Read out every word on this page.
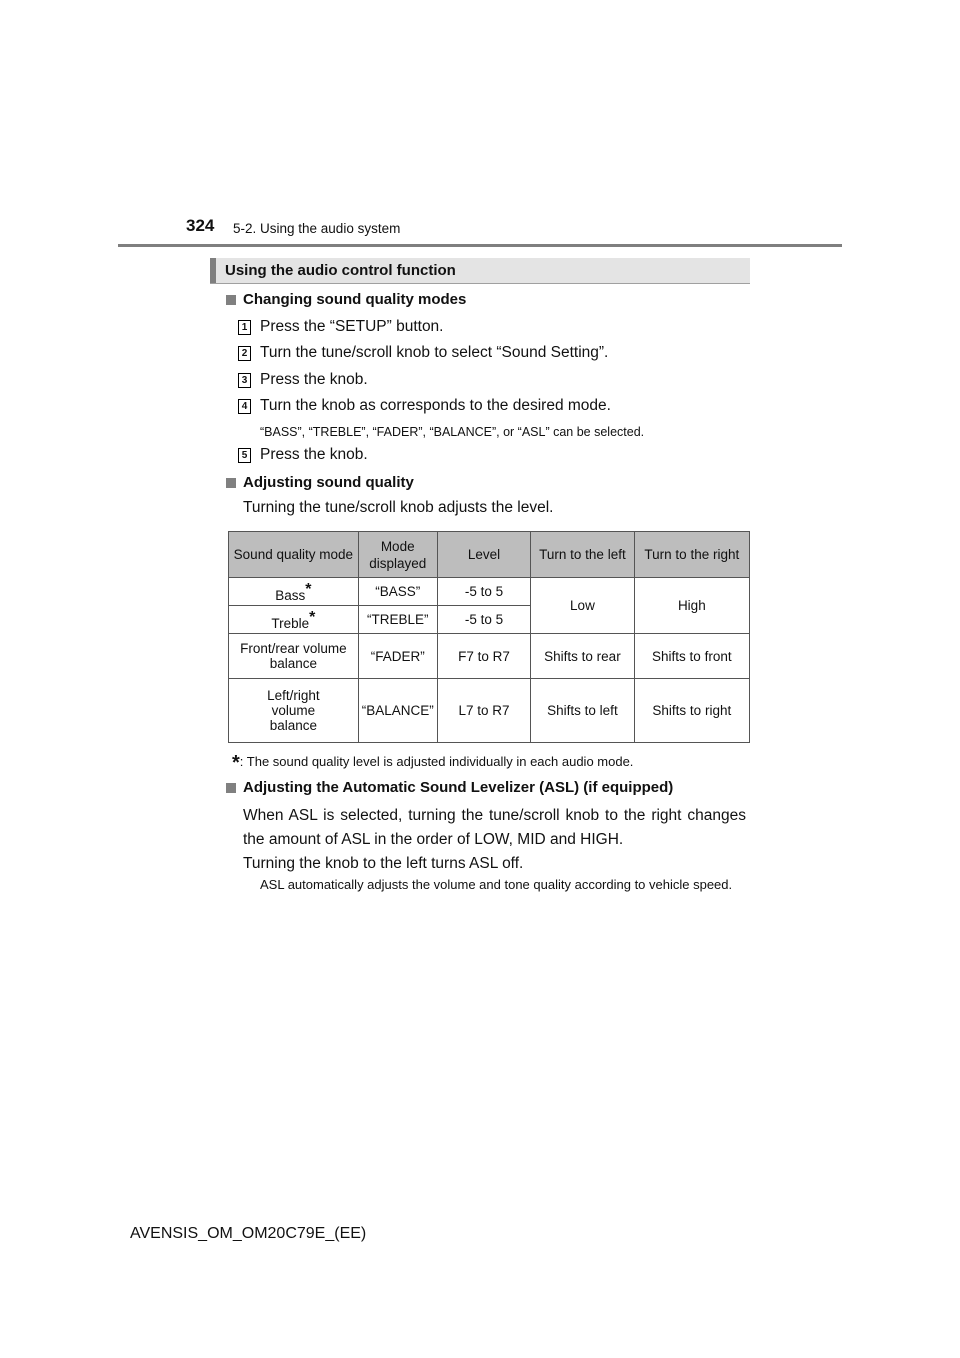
324 5-2. Using the audio system
Using the audio control function
Changing sound quality modes
1 Press the “SETUP” button.
2 Turn the tune/scroll knob to select “Sound Setting”.
3 Press the knob.
4 Turn the knob as corresponds to the desired mode.
“BASS”, “TREBLE”, “FADER”, “BALANCE”, or “ASL” can be selected.
5 Press the knob.
Adjusting sound quality
Turning the tune/scroll knob adjusts the level.
Sound quality mode	Mode displayed	Level	Turn to the left	Turn to the right
Bass*	“BASS”	-5 to 5	Low	High
Treble*	“TREBLE”	-5 to 5		
Front/rear volume balance	“FADER”	F7 to R7	Shifts to rear	Shifts to front
Left/right volume balance	“BALANCE”	L7 to R7	Shifts to left	Shifts to right
*: The sound quality level is adjusted individually in each audio mode.
Adjusting the Automatic Sound Levelizer (ASL) (if equipped)
When ASL is selected, turning the tune/scroll knob to the right changes the amount of ASL in the order of LOW, MID and HIGH.
Turning the knob to the left turns ASL off.
ASL automatically adjusts the volume and tone quality according to vehicle speed.
AVENSIS_OM_OM20C79E_(EE)
